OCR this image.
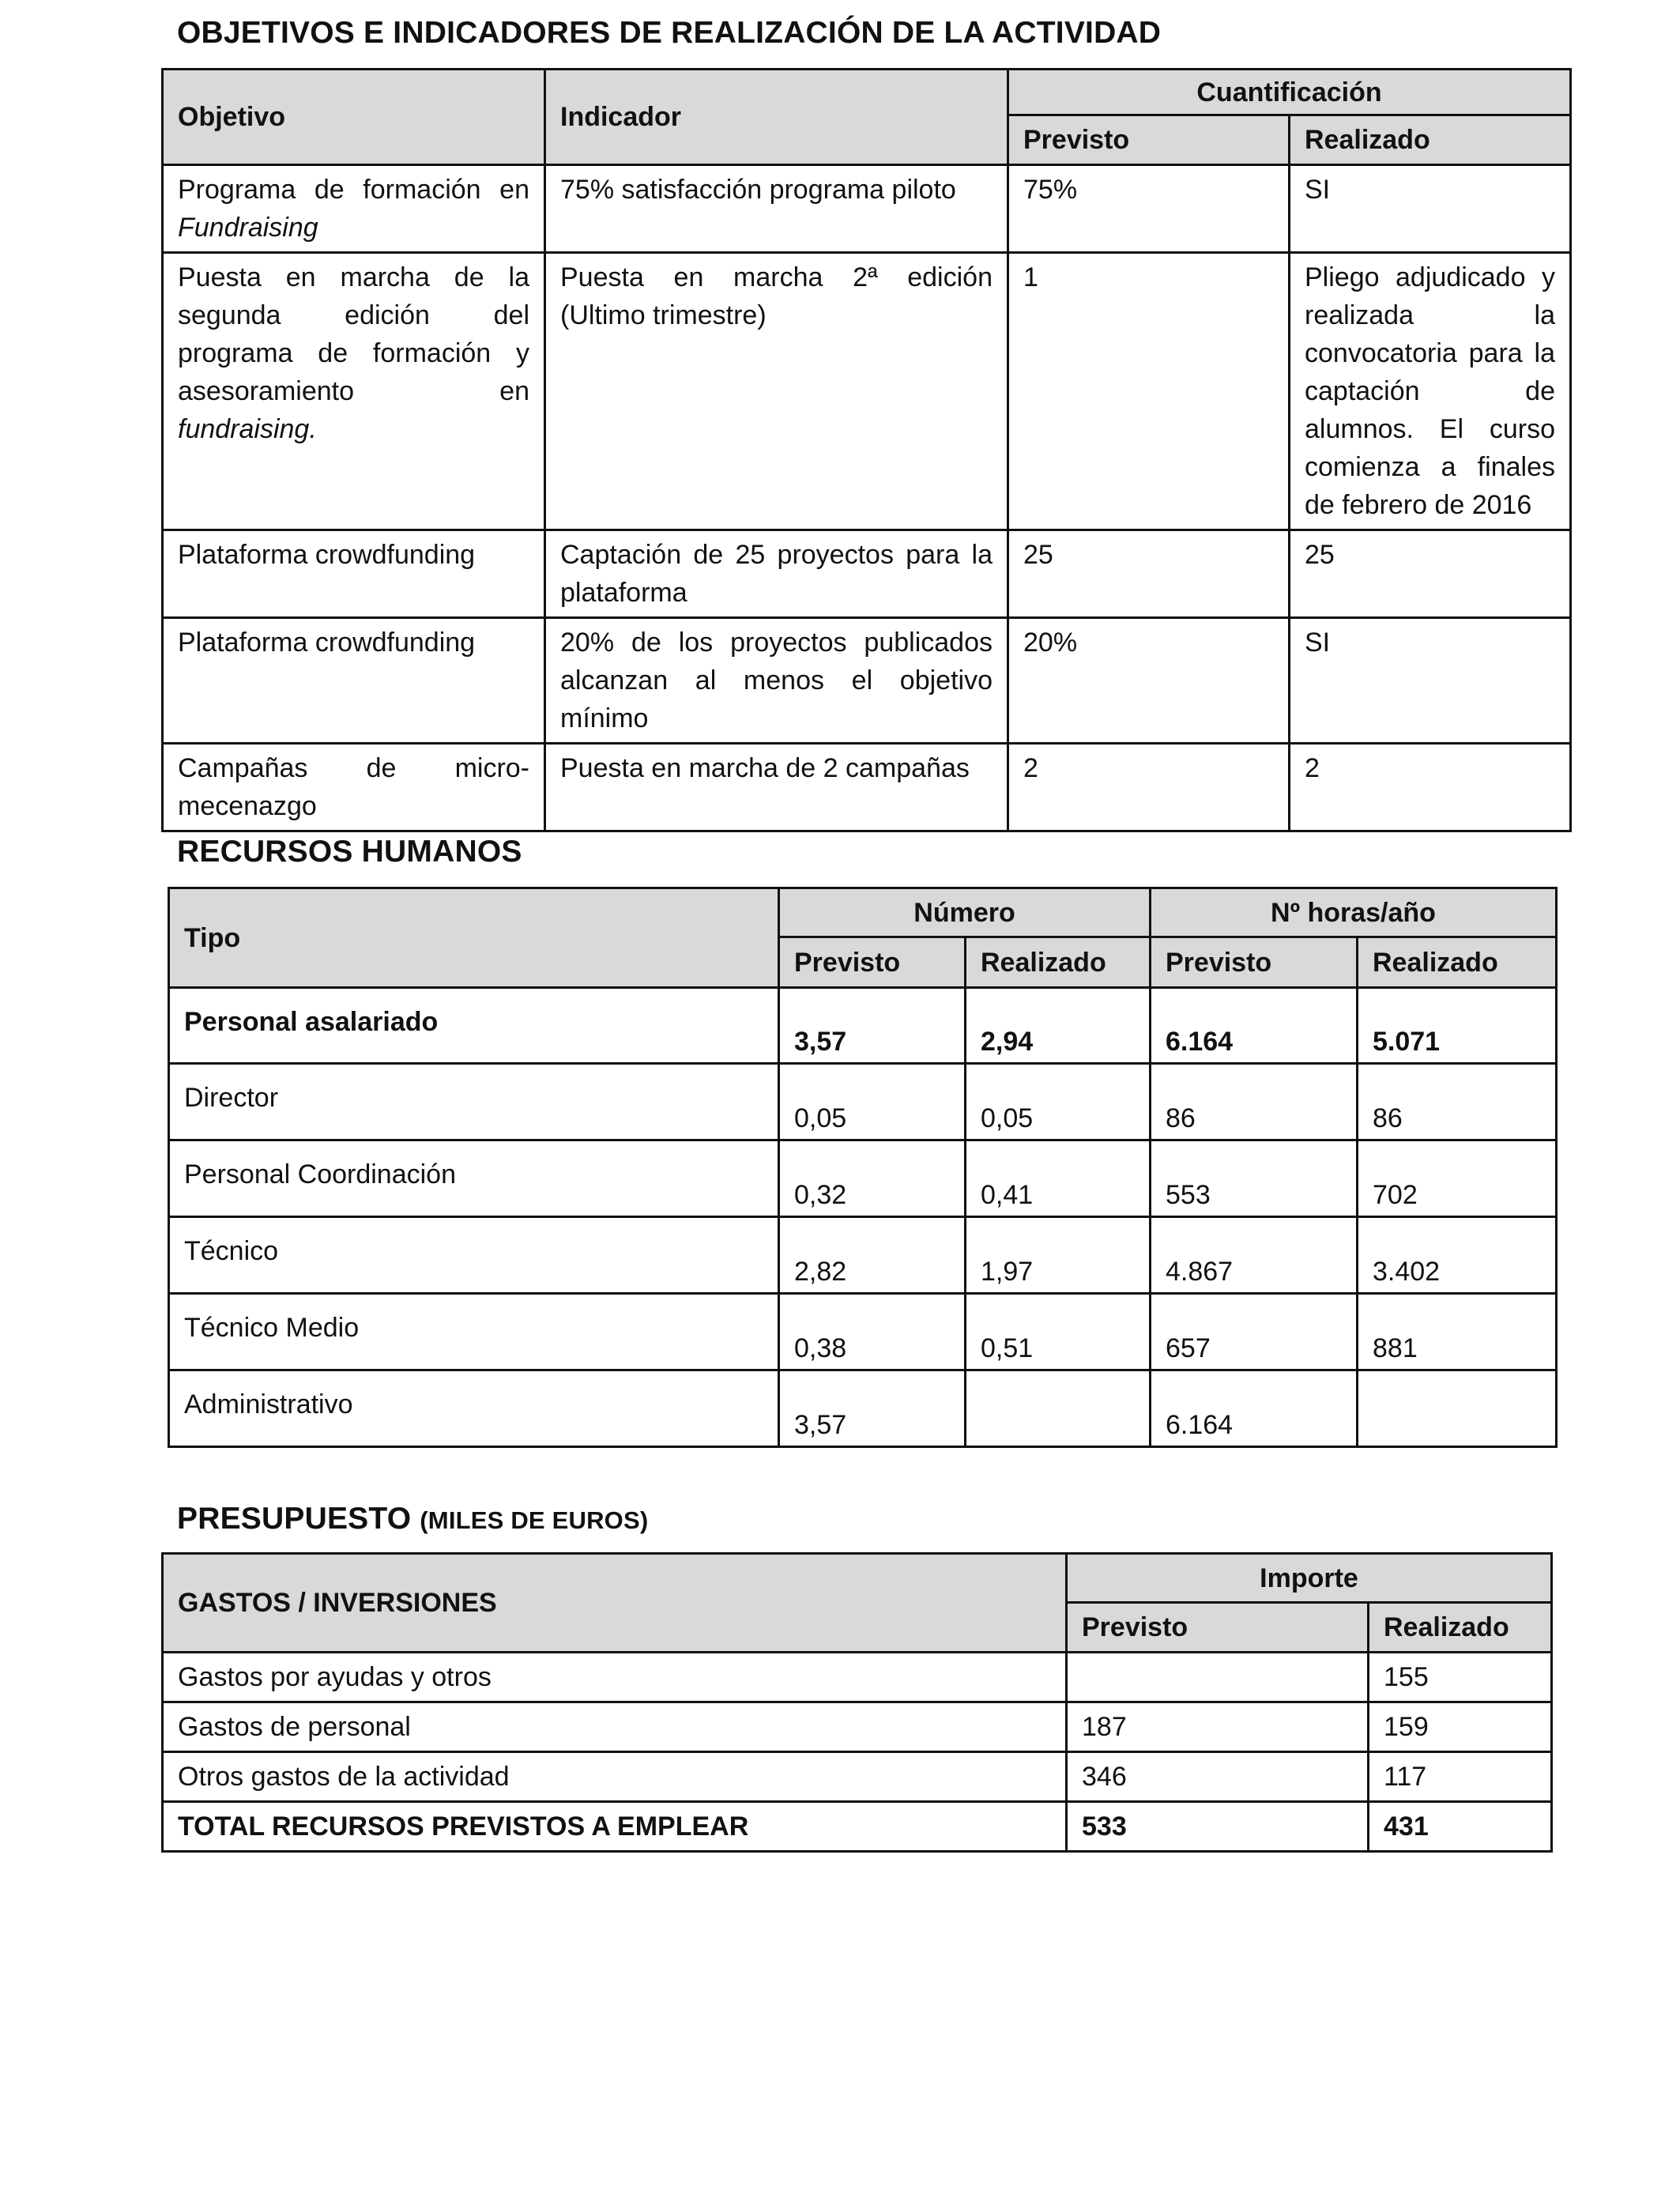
OBJETIVOS E INDICADORES DE REALIZACIÓN DE LA ACTIVIDAD
Objetivo	Indicador	Cuantificación	

		Previsto	Realizado

Programa de formación en Fundraising	75% satisfacción programa piloto	75%	SI

Puesta en marcha de la segunda edición del programa de formación y asesoramiento en fundraising.	Puesta en marcha 2ª edición (Ultimo trimestre)	1	Pliego adjudicado y realizada la convocatoria para la captación de alumnos. El curso comienza a finales de febrero de 2016

Plataforma crowdfunding	Captación de 25 proyectos para la plataforma	25	25

Plataforma crowdfunding	20% de los proyectos publicados alcanzan al menos el objetivo mínimo	20%	SI

Campañas de micro-mecenazgo	Puesta en marcha de 2 campañas	2	2
RECURSOS HUMANOS
Tipo	Número		Nº horas/año	

	Previsto	Realizado	Previsto	Realizado

Personal asalariado	3,57	2,94	6.164	5.071

Director	0,05	0,05	86	86

Personal Coordinación	0,32	0,41	553	702

Técnico	2,82	1,97	4.867	3.402

Técnico Medio	0,38	0,51	657	881

Administrativo	3,57		6.164	

PRESUPUESTO (MILES DE EUROS)
GASTOS / INVERSIONES	Importe	

	Previsto	Realizado

Gastos por ayudas y otros		155

Gastos de personal	187	159

Otros gastos de la actividad	346	117

TOTAL RECURSOS PREVISTOS A EMPLEAR	533	431
